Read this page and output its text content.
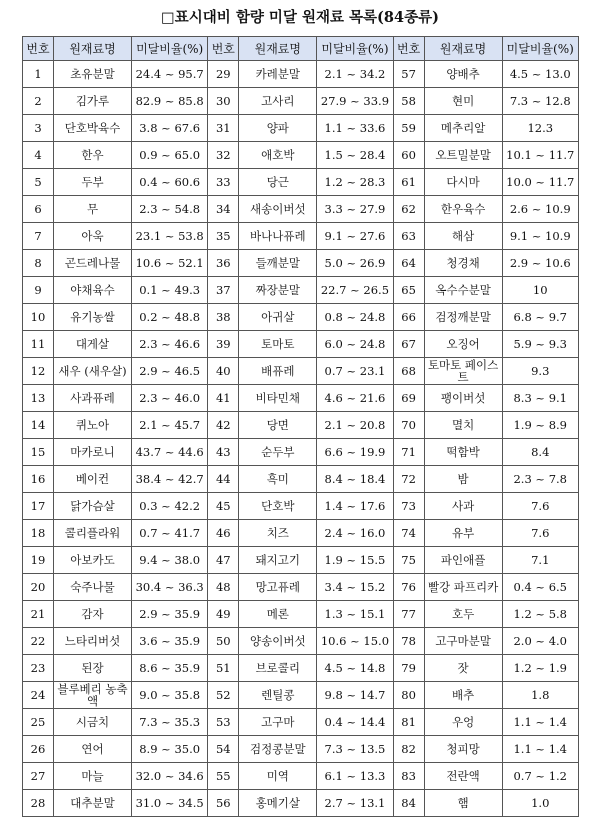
□표시대비 함량 미달 원재료 목록(84종류)
번호	원재료명	미달비율(%)	번호	원재료명	미달비율(%)	번호	원재료명	미달비율(%)
1	초유분말	24.4 ~ 95.7	29	카레분말	2.1 ~ 34.2	57	양배추	4.5 ~ 13.0
2	김가루	82.9 ~ 85.8	30	고사리	27.9 ~ 33.9	58	현미	7.3 ~ 12.8
3	단호박육수	3.8 ~ 67.6	31	양파	1.1 ~ 33.6	59	메추리알	12.3
4	한우	0.9 ~ 65.0	32	애호박	1.5 ~ 28.4	60	오트밀분말	10.1 ~ 11.7
5	두부	0.4 ~ 60.6	33	당근	1.2 ~ 28.3	61	다시마	10.0 ~ 11.7
6	무	2.3 ~ 54.8	34	새송이버섯	3.3 ~ 27.9	62	한우육수	2.6 ~ 10.9
7	아욱	23.1 ~ 53.8	35	바나나퓨레	9.1 ~ 27.6	63	해삼	9.1 ~ 10.9
8	곤드레나물	10.6 ~ 52.1	36	들깨분말	5.0 ~ 26.9	64	청경채	2.9 ~ 10.6
9	야채육수	0.1 ~ 49.3	37	짜장분말	22.7 ~ 26.5	65	옥수수분말	10
10	유기농쌀	0.2 ~ 48.8	38	아귀살	0.8 ~ 24.8	66	검정깨분말	6.8 ~ 9.7
11	대게살	2.3 ~ 46.6	39	토마토	6.0 ~ 24.8	67	오징어	5.9 ~ 9.3
12	새우 (새우살)	2.9 ~ 46.5	40	배퓨레	0.7 ~ 23.1	68	토마토 페이스트	9.3
13	사과퓨레	2.3 ~ 46.0	41	비타민채	4.6 ~ 21.6	69	팽이버섯	8.3 ~ 9.1
14	퀴노아	2.1 ~ 45.7	42	당면	2.1 ~ 20.8	70	멸치	1.9 ~ 8.9
15	마카로니	43.7 ~ 44.6	43	순두부	6.6 ~ 19.9	71	떡함박	8.4
16	베이컨	38.4 ~ 42.7	44	흑미	8.4 ~ 18.4	72	밤	2.3 ~ 7.8
17	닭가슴살	0.3 ~ 42.2	45	단호박	1.4 ~ 17.6	73	사과	7.6
18	콜리플라워	0.7 ~ 41.7	46	치즈	2.4 ~ 16.0	74	유부	7.6
19	아보카도	9.4 ~ 38.0	47	돼지고기	1.9 ~ 15.5	75	파인애플	7.1
20	숙주나물	30.4 ~ 36.3	48	망고퓨레	3.4 ~ 15.2	76	빨강 파프리카	0.4 ~ 6.5
21	감자	2.9 ~ 35.9	49	메론	1.3 ~ 15.1	77	호두	1.2 ~ 5.8
22	느타리버섯	3.6 ~ 35.9	50	양송이버섯	10.6 ~ 15.0	78	고구마분말	2.0 ~ 4.0
23	된장	8.6 ~ 35.9	51	브로콜리	4.5 ~ 14.8	79	잣	1.2 ~ 1.9
24	블루베리 농축액	9.0 ~ 35.8	52	렌틸콩	9.8 ~ 14.7	80	배추	1.8
25	시금치	7.3 ~ 35.3	53	고구마	0.4 ~ 14.4	81	우엉	1.1 ~ 1.4
26	연어	8.9 ~ 35.0	54	검정콩분말	7.3 ~ 13.5	82	청피망	1.1 ~ 1.4
27	마늘	32.0 ~ 34.6	55	미역	6.1 ~ 13.3	83	전란액	0.7 ~ 1.2
28	대추분말	31.0 ~ 34.5	56	홍메기살	2.7 ~ 13.1	84	햄	1.0
